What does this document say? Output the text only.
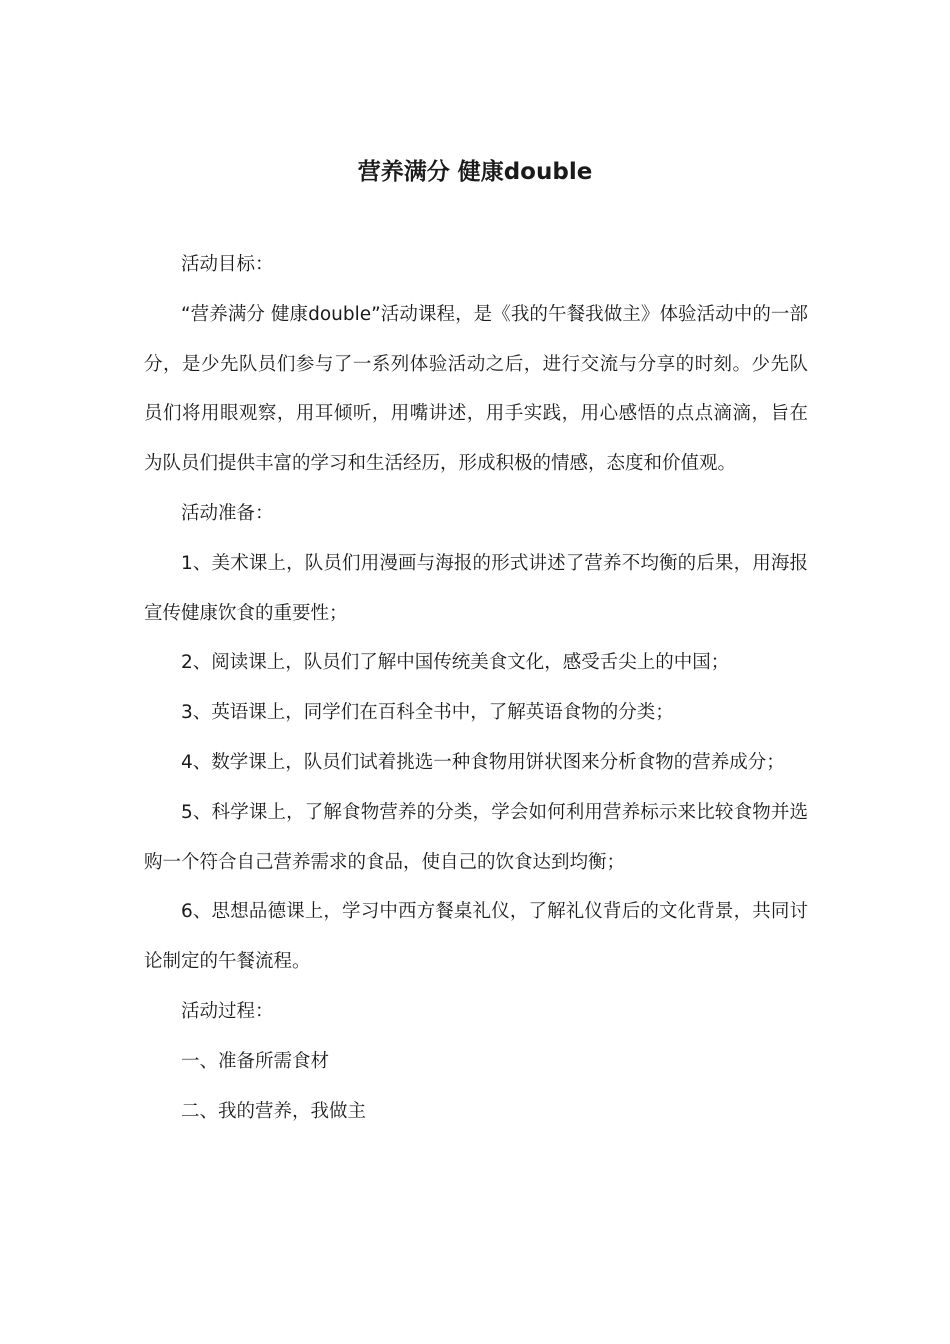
营养满分 健康double

活动目标：

“营养满分 健康double”活动课程，是《我的午餐我做主》体验活动中的一部分，是少先队员们参与了一系列体验活动之后，进行交流与分享的时刻。少先队员们将用眼观察，用耳倾听，用嘴讲述，用手实践，用心感悟的点点滴滴，旨在为队员们提供丰富的学习和生活经历，形成积极的情感，态度和价值观。

活动准备：

1、美术课上，队员们用漫画与海报的形式讲述了营养不均衡的后果，用海报宣传健康饮食的重要性；

2、阅读课上，队员们了解中国传统美食文化，感受舌尖上的中国；

3、英语课上，同学们在百科全书中，了解英语食物的分类；

4、数学课上，队员们试着挑选一种食物用饼状图来分析食物的营养成分；

5、科学课上，了解食物营养的分类，学会如何利用营养标示来比较食物并选购一个符合自己营养需求的食品，使自己的饮食达到均衡；

6、思想品德课上，学习中西方餐桌礼仪，了解礼仪背后的文化背景，共同讨论制定的午餐流程。

活动过程：

一、准备所需食材

二、我的营养，我做主
